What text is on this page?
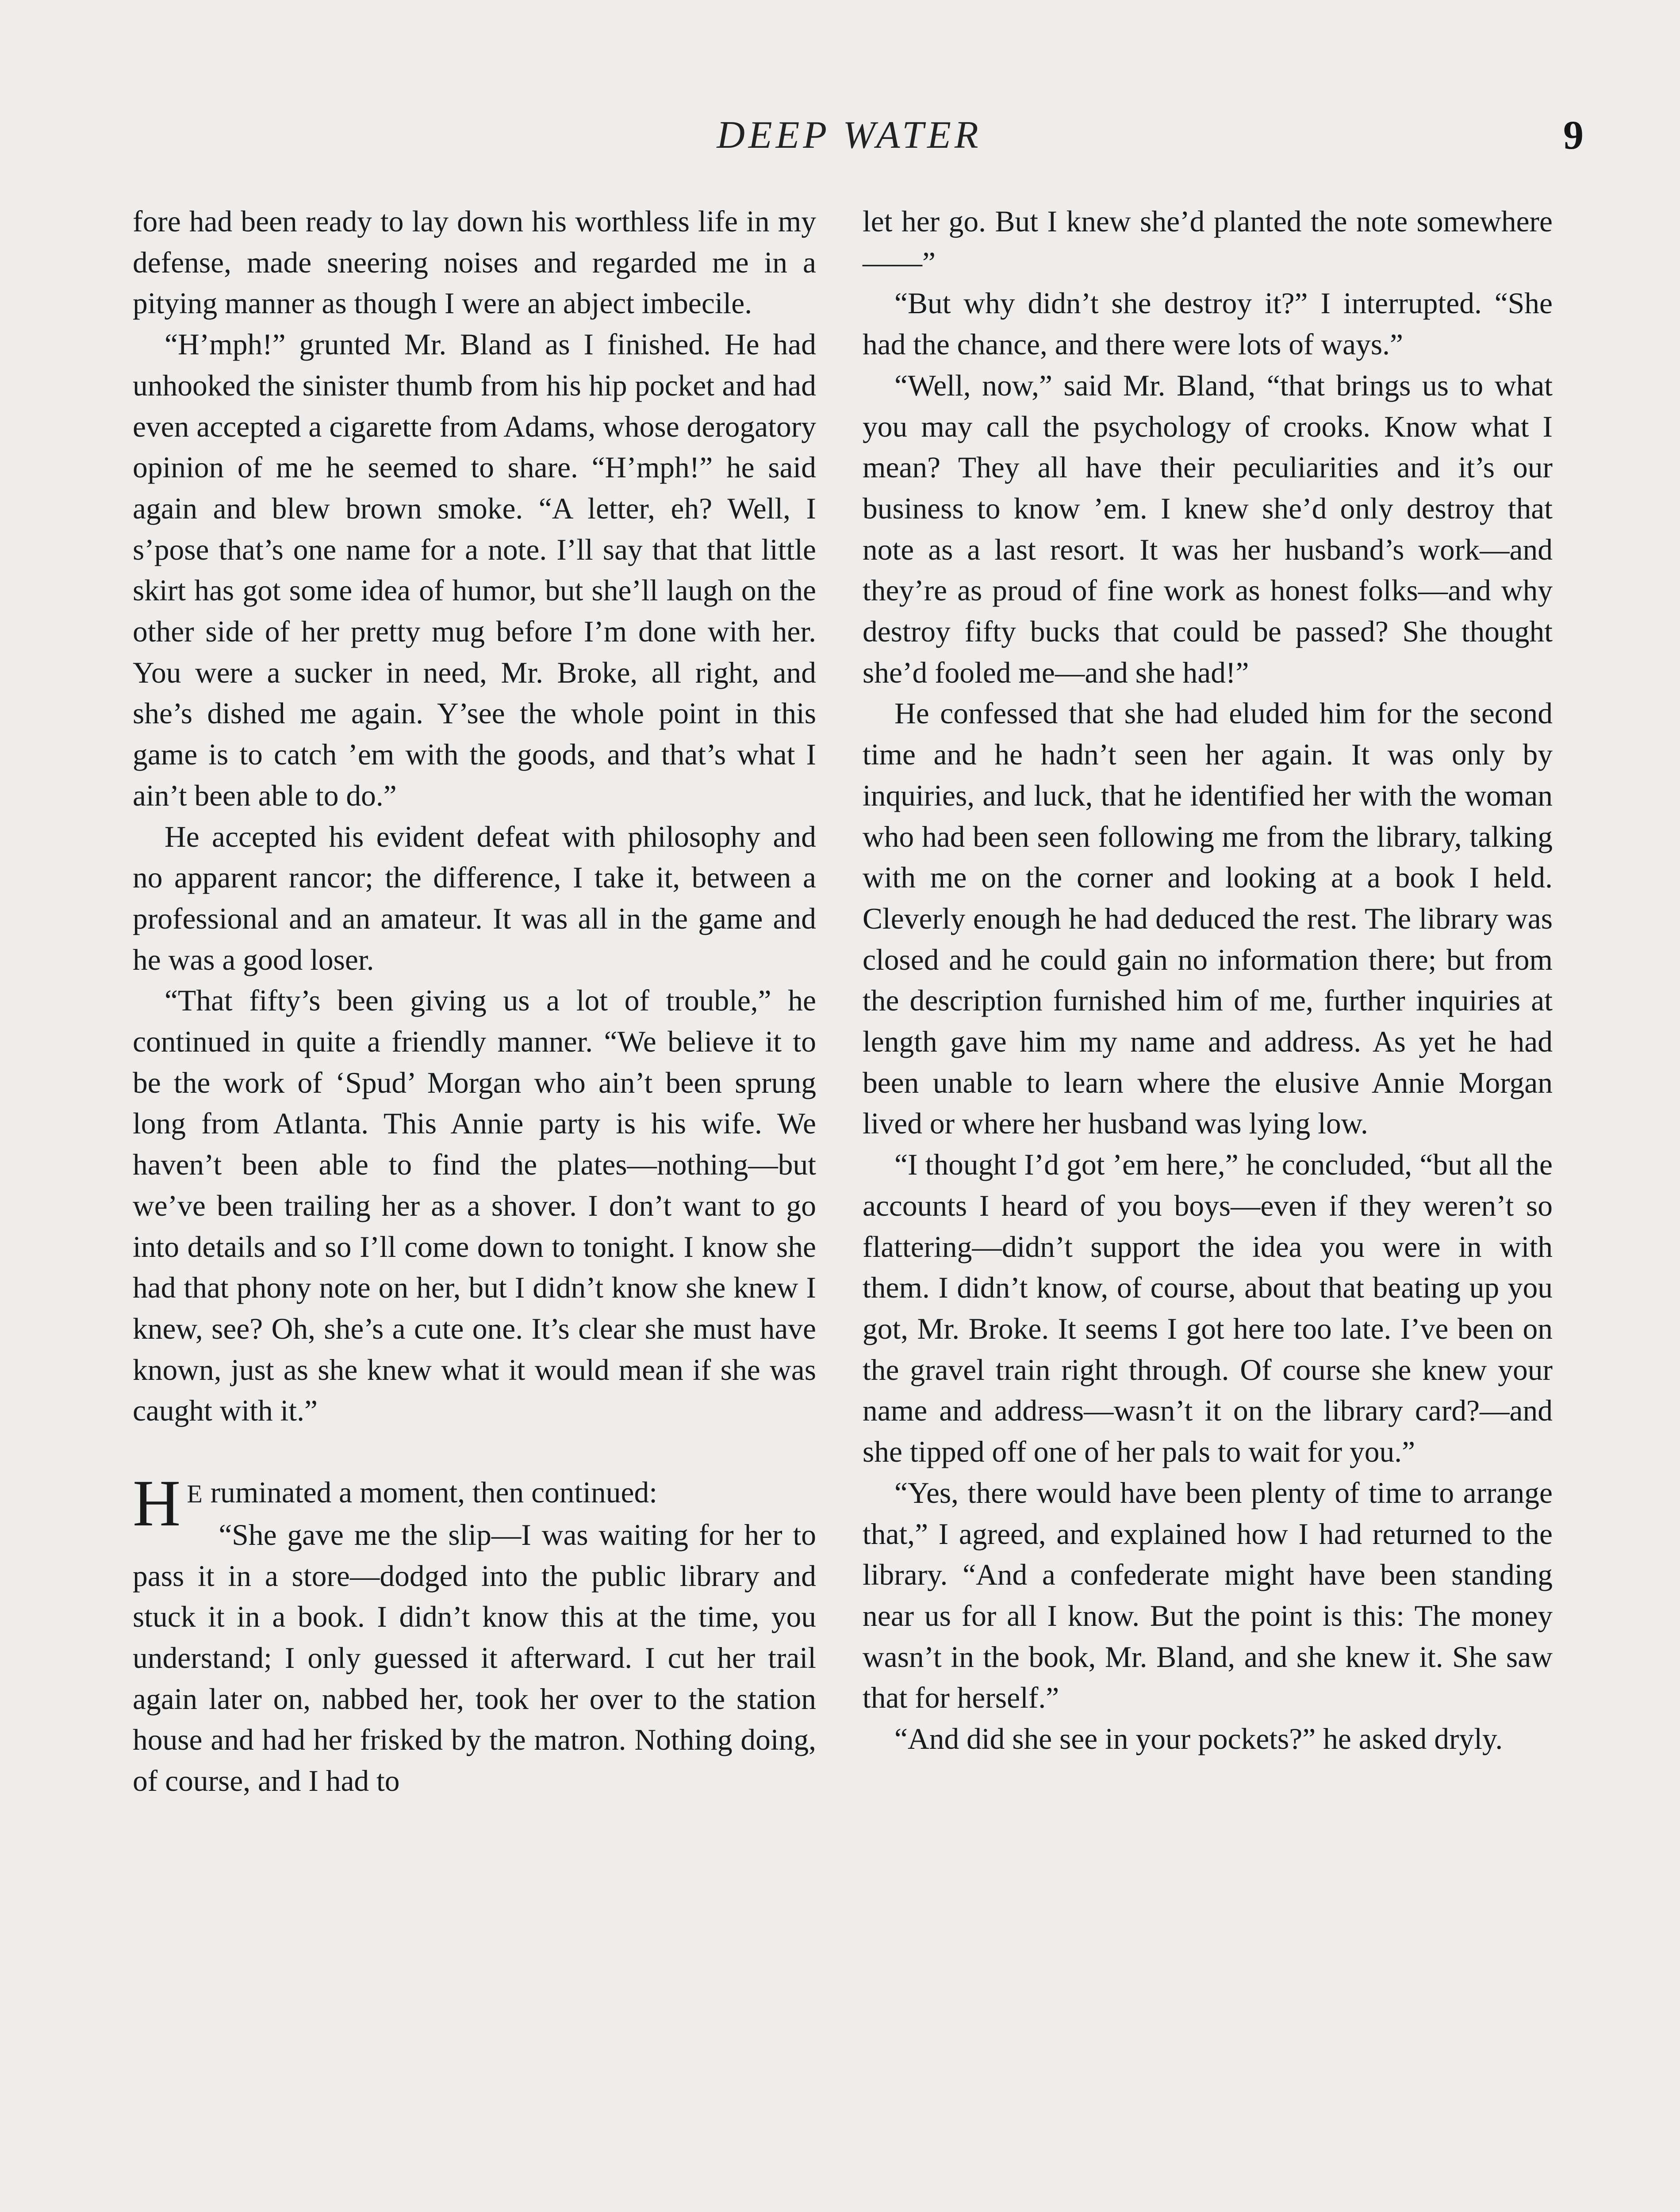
DEEP WATER	9

fore had been ready to lay down his worthless life in my defense, made sneering noises and regarded me in a pitying manner as though I were an abject imbecile.

“H’mph!” grunted Mr. Bland as I finished. He had unhooked the sinister thumb from his hip pocket and had even accepted a cigarette from Adams, whose derogatory opinion of me he seemed to share. “H’mph!” he said again and blew brown smoke. “A letter, eh? Well, I s’pose that’s one name for a note. I’ll say that that little skirt has got some idea of humor, but she’ll laugh on the other side of her pretty mug before I’m done with her. You were a sucker in need, Mr. Broke, all right, and she’s dished me again. Y’see the whole point in this game is to catch ’em with the goods, and that’s what I ain’t been able to do.”

He accepted his evident defeat with philosophy and no apparent rancor; the difference, I take it, between a professional and an amateur. It was all in the game and he was a good loser.

“That fifty’s been giving us a lot of trouble,” he continued in quite a friendly manner. “We believe it to be the work of ‘Spud’ Morgan who ain’t been sprung long from Atlanta. This Annie party is his wife. We haven’t been able to find the plates—nothing—but we’ve been trailing her as a shover. I don’t want to go into details and so I’ll come down to tonight. I know she had that phony note on her, but I didn’t know she knew I knew, see? Oh, she’s a cute one. It’s clear she must have known, just as she knew what it would mean if she was caught with it.”

H E ruminated a moment, then continued:

“She gave me the slip—I was waiting for her to pass it in a store—dodged into the public library and stuck it in a book. I didn’t know this at the time, you understand; I only guessed it afterward. I cut her trail again later on, nabbed her, took her over to the station house and had her frisked by the matron. Nothing doing, of course, and I had to

let her go. But I knew she’d planted the note somewhere——”

“But why didn’t she destroy it?” I interrupted. “She had the chance, and there were lots of ways.”

“Well, now,” said Mr. Bland, “that brings us to what you may call the psychology of crooks. Know what I mean? They all have their peculiarities and it’s our business to know ’em. I knew she’d only destroy that note as a last resort. It was her husband’s work—and they’re as proud of fine work as honest folks—and why destroy fifty bucks that could be passed? She thought she’d fooled me—and she had!”

He confessed that she had eluded him for the second time and he hadn’t seen her again. It was only by inquiries, and luck, that he identified her with the woman who had been seen following me from the library, talking with me on the corner and looking at a book I held. Cleverly enough he had deduced the rest. The library was closed and he could gain no information there; but from the description furnished him of me, further inquiries at length gave him my name and address. As yet he had been unable to learn where the elusive Annie Morgan lived or where her husband was lying low.

“I thought I’d got ’em here,” he concluded, “but all the accounts I heard of you boys—even if they weren’t so flattering—didn’t support the idea you were in with them. I didn’t know, of course, about that beating up you got, Mr. Broke. It seems I got here too late. I’ve been on the gravel train right through. Of course she knew your name and address—wasn’t it on the library card?—and she tipped off one of her pals to wait for you.”

“Yes, there would have been plenty of time to arrange that,” I agreed, and explained how I had returned to the library. “And a confederate might have been standing near us for all I know. But the point is this: The money wasn’t in the book, Mr. Bland, and she knew it. She saw that for herself.”

“And did she see in your pockets?” he asked dryly.
